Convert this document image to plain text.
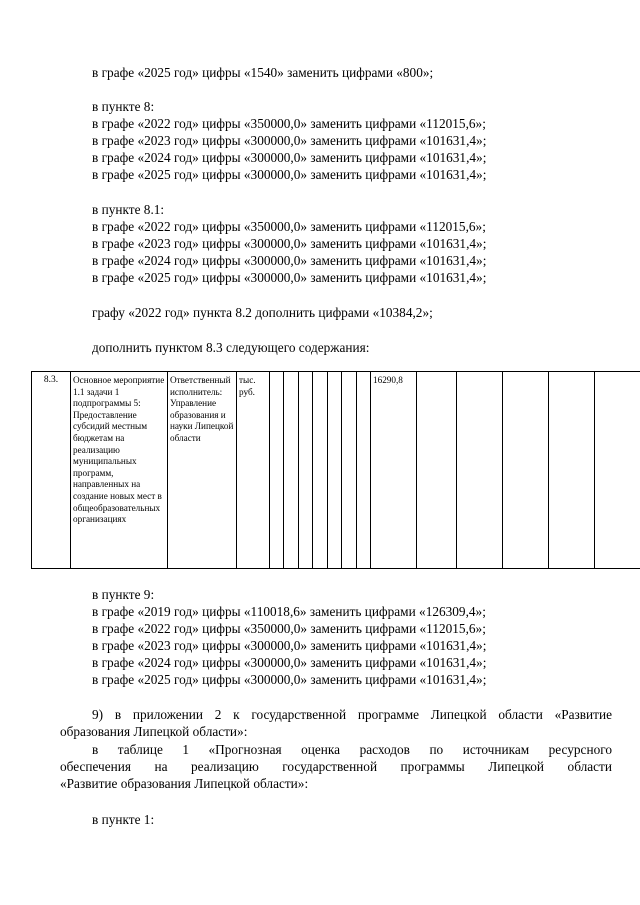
в графе «2025 год» цифры «1540» заменить цифрами «800»;
в пункте 8:
в графе «2022 год» цифры «350000,0» заменить цифрами «112015,6»;
в графе «2023 год» цифры «300000,0» заменить цифрами «101631,4»;
в графе «2024 год» цифры «300000,0» заменить цифрами «101631,4»;
в графе «2025 год» цифры «300000,0» заменить цифрами «101631,4»;
в пункте 8.1:
в графе «2022 год» цифры «350000,0» заменить цифрами «112015,6»;
в графе «2023 год» цифры «300000,0» заменить цифрами «101631,4»;
в графе «2024 год» цифры «300000,0» заменить цифрами «101631,4»;
в графе «2025 год» цифры «300000,0» заменить цифрами «101631,4»;
графу «2022 год» пункта 8.2 дополнить цифрами «10384,2»;
дополнить пунктом 8.3 следующего содержания:
8.3.	Основное мероприятие 1.1 задачи 1 подпрограммы 5: Предоставление субсидий местным бюджетам на реализацию муниципальных программ, направленных на создание новых мест в общеобразовательных организациях	Ответственный исполнитель: Управление образования и науки Липецкой области	тыс. руб.								16290,8					
в пункте 9:
в графе «2019 год» цифры «110018,6» заменить цифрами «126309,4»;
в графе «2022 год» цифры «350000,0» заменить цифрами «112015,6»;
в графе «2023 год» цифры «300000,0» заменить цифрами «101631,4»;
в графе «2024 год» цифры «300000,0» заменить цифрами «101631,4»;
в графе «2025 год» цифры «300000,0» заменить цифрами «101631,4»;
9) в приложении 2 к государственной программе Липецкой области «Развитие
образования Липецкой области»:
в таблице 1 «Прогнозная оценка расходов по источникам ресурсного
обеспечения на реализацию государственной программы Липецкой области
«Развитие образования Липецкой области»:
в пункте 1:
